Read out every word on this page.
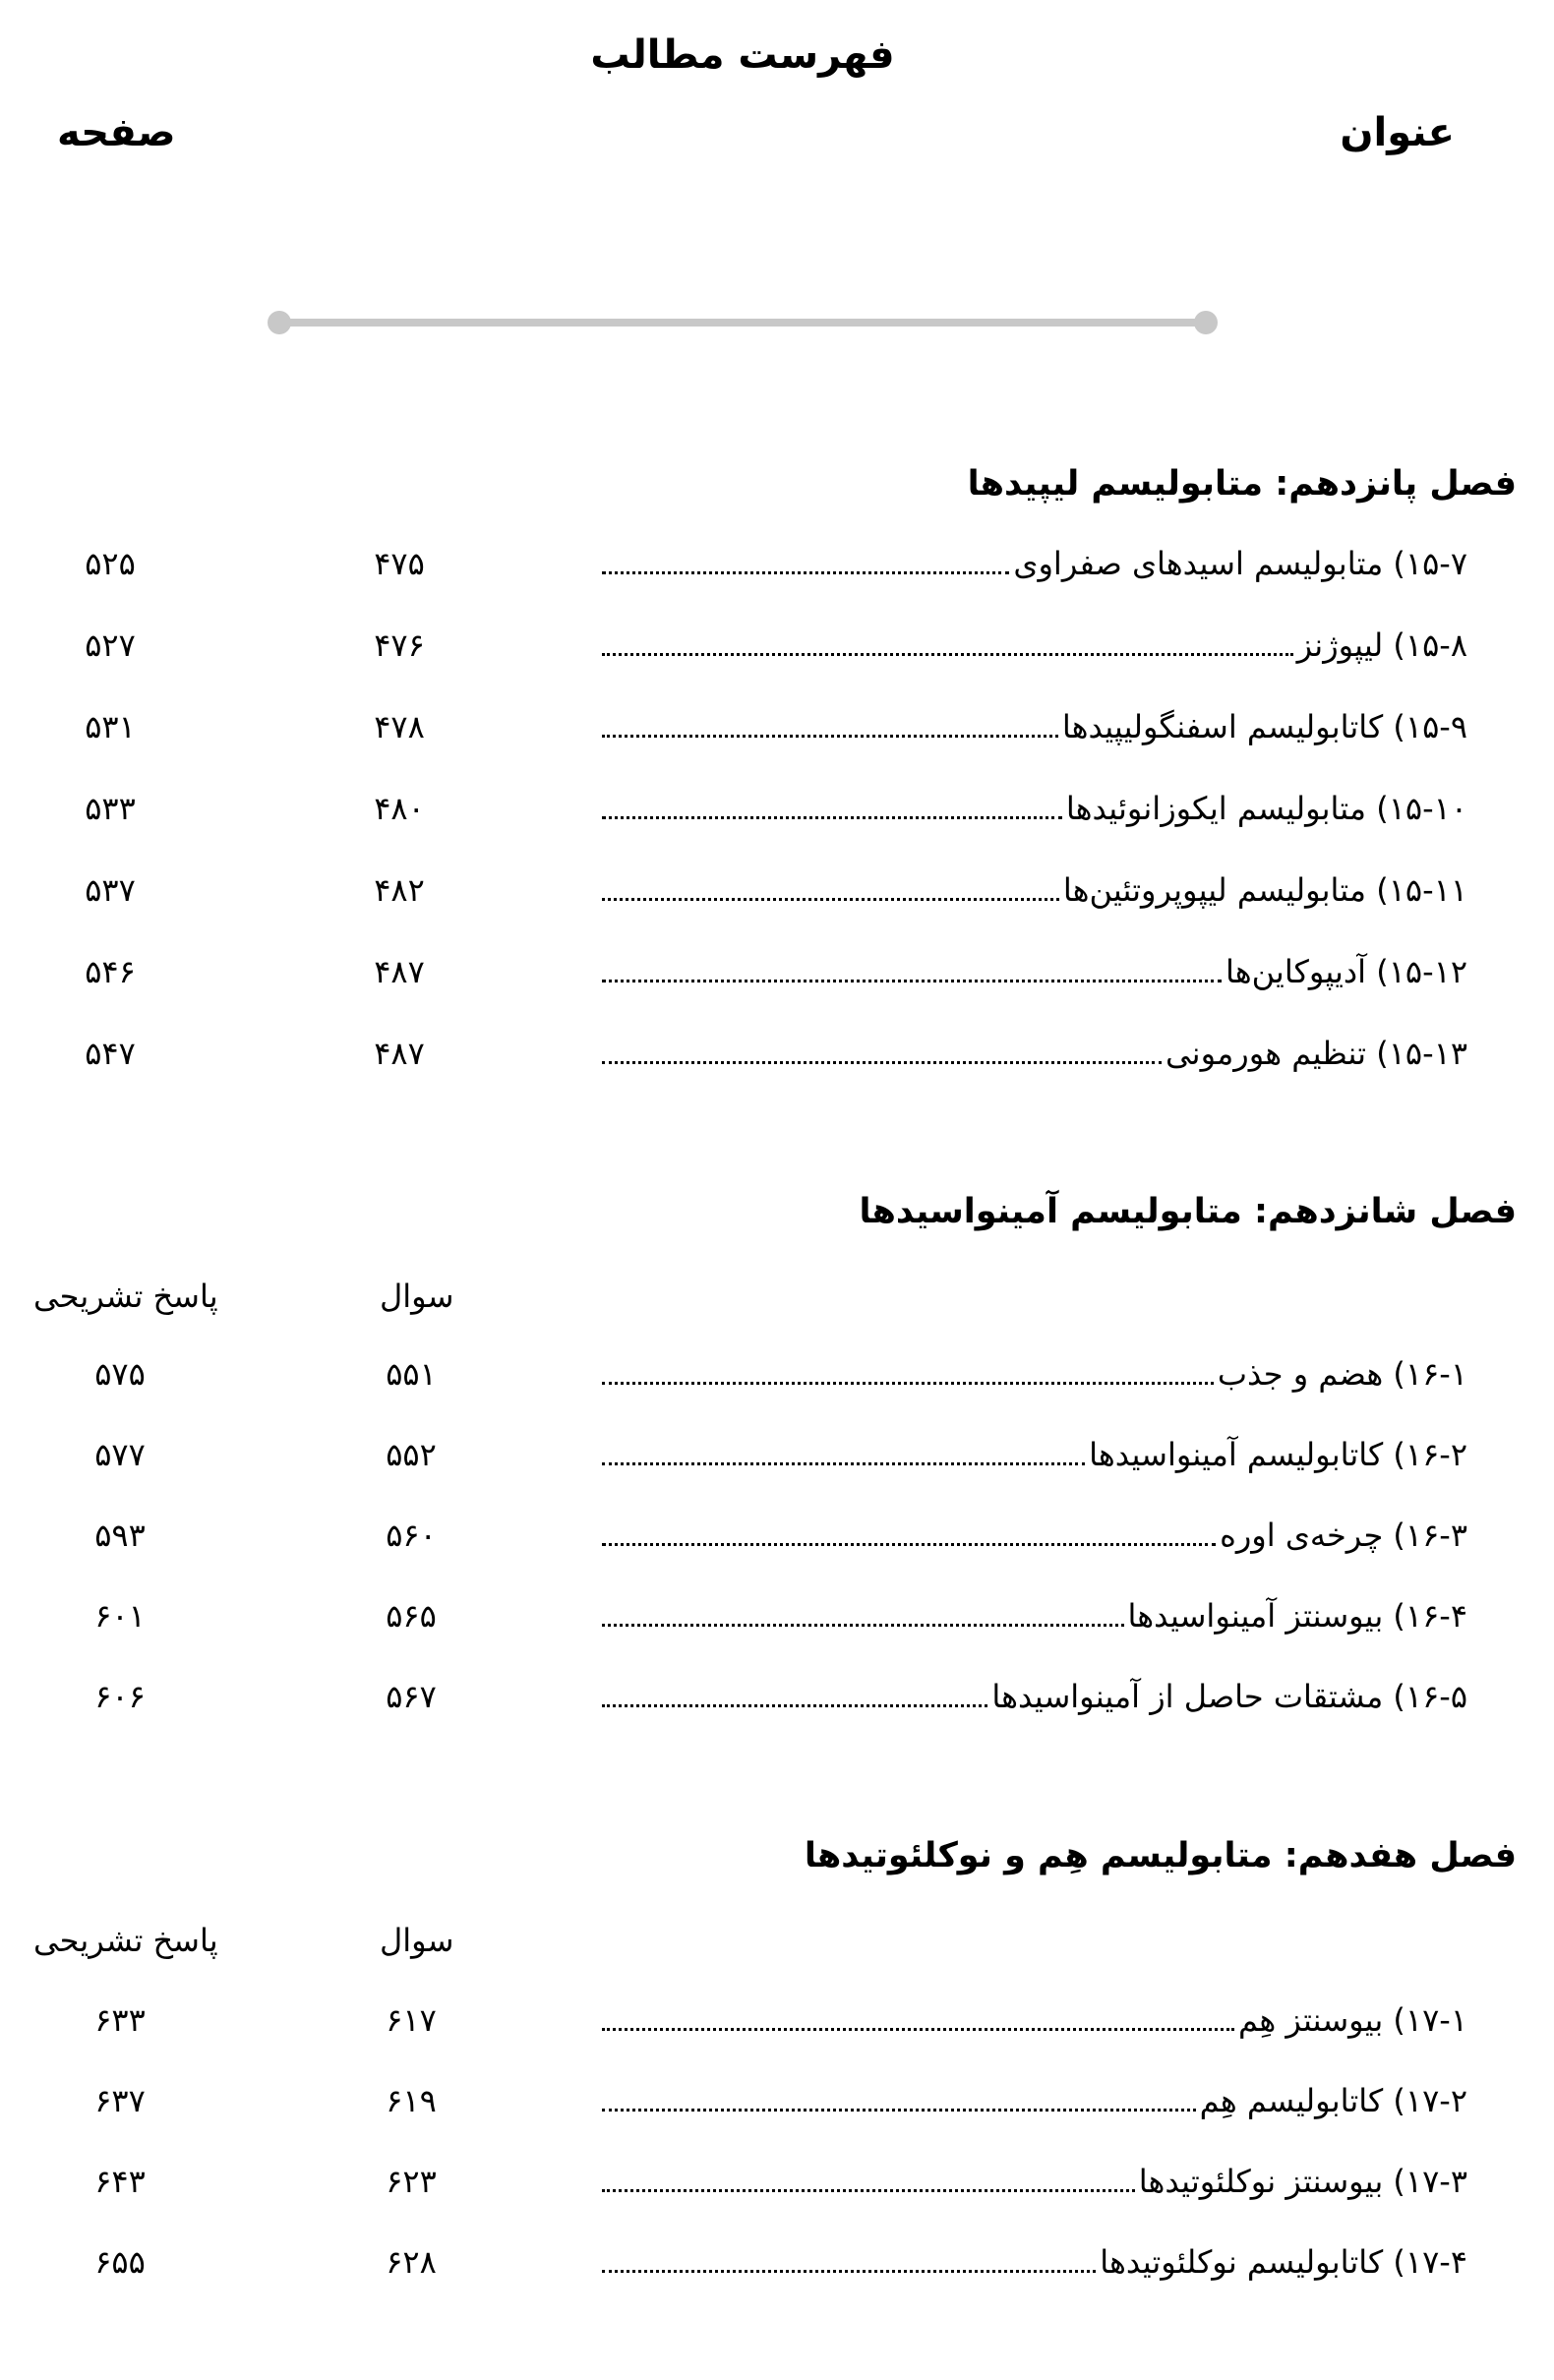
فهرست مطالب
عنوان
صفحه
فصل پانزدهم: متابولیسم لیپیدها
۱۵-۷) متابولیسم اسیدهای صفراوی
۴۷۵
۵۲۵
۱۵-۸) لیپوژنز
۴۷۶
۵۲۷
۱۵-۹) کاتابولیسم اسفنگولیپیدها
۴۷۸
۵۳۱
۱۵-۱۰) متابولیسم ایکوزانوئیدها
۴۸۰
۵۳۳
۱۵-۱۱) متابولیسم لیپوپروتئین‌ها
۴۸۲
۵۳۷
۱۵-۱۲) آدیپوکاین‌ها
۴۸۷
۵۴۶
۱۵-۱۳) تنظیم هورمونی
۴۸۷
۵۴۷
فصل شانزدهم: متابولیسم آمینواسیدها
سوال
پاسخ تشریحی
۱۶-۱) هضم و جذب
۵۵۱
۵۷۵
۱۶-۲) کاتابولیسم آمینواسیدها
۵۵۲
۵۷۷
۱۶-۳) چرخه‌ی اوره
۵۶۰
۵۹۳
۱۶-۴) بیوسنتز آمینواسیدها
۵۶۵
۶۰۱
۱۶-۵) مشتقات حاصل از آمینواسیدها
۵۶۷
۶۰۶
فصل هفدهم: متابولیسم هِم و نوکلئوتیدها
سوال
پاسخ تشریحی
۱۷-۱) بیوسنتز هِم
۶۱۷
۶۳۳
۱۷-۲) کاتابولیسم هِم
۶۱۹
۶۳۷
۱۷-۳) بیوسنتز نوکلئوتیدها
۶۲۳
۶۴۳
۱۷-۴) کاتابولیسم نوکلئوتیدها
۶۲۸
۶۵۵
